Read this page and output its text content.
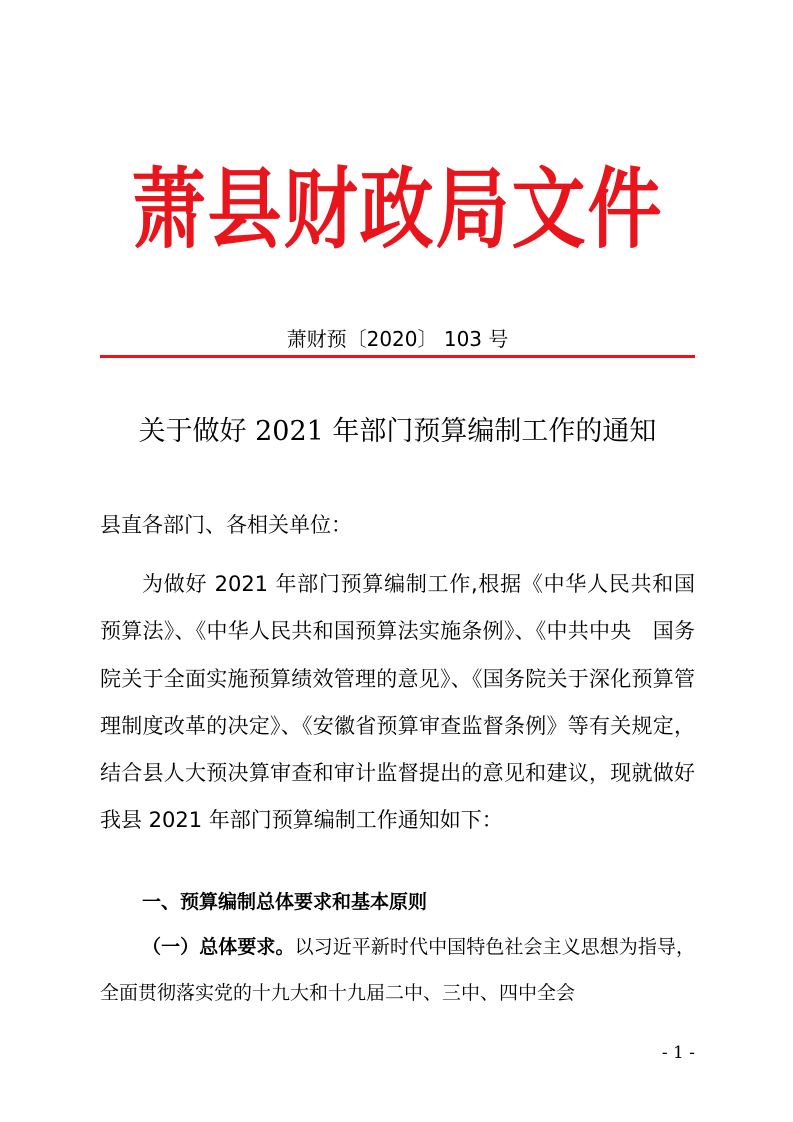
萧县财政局文件
萧财预〔2020〕 103 号
关于做好 2021 年部门预算编制工作的通知
县直各部门、各相关单位：
为做好 2021 年部门预算编制工作,根据《中华人民共和国预算法》、《中华人民共和国预算法实施条例》、《中共中央　国务院关于全面实施预算绩效管理的意见》、《国务院关于深化预算管理制度改革的决定》、《安徽省预算审查监督条例》等有关规定，结合县人大预决算审查和审计监督提出的意见和建议，现就做好我县 2021 年部门预算编制工作通知如下：
一、预算编制总体要求和基本原则
（一）总体要求。以习近平新时代中国特色社会主义思想为指导，全面贯彻落实党的十九大和十九届二中、三中、四中全会
- 1 -
